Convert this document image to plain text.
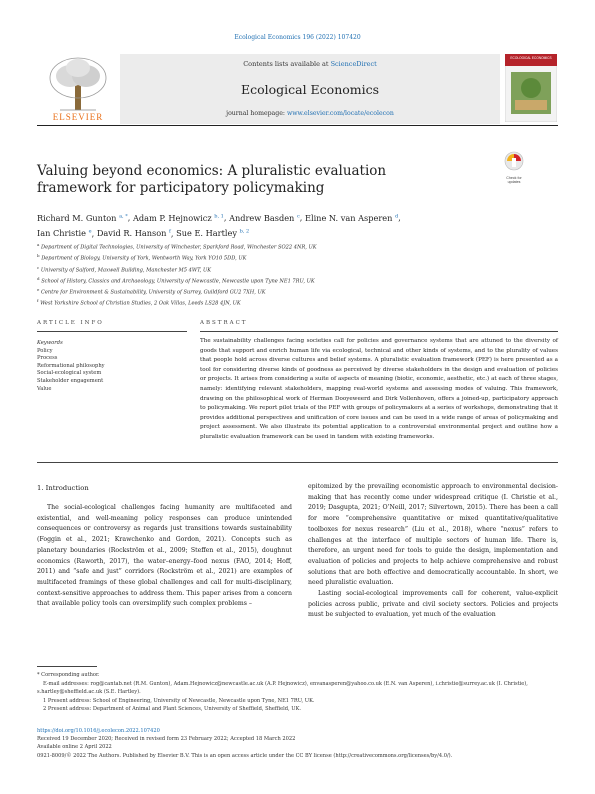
Ecological Economics 196 (2022) 107420
ELSEVIER
Contents lists available at ScienceDirect
Ecological Economics
journal homepage: www.elsevier.com/locate/ecolecon
ECOLOGICAL ECONOMICS
Valuing beyond economics: A pluralistic evaluation framework for participatory policymaking
Check for updates
Richard M. Gunton $^{a, *}$, Adam P. Hejnowicz $^{b, 1}$, Andrew Basden $^c$, Eline N. van Asperen $^d$,
Ian Christie $^e$, David R. Hanson $^f$, Sue E. Hartley $^{b, 2}$
$^a$ Department of Digital Technologies, University of Winchester, Sparkford Road, Winchester SO22 4NR, UK
$^b$ Department of Biology, University of York, Wentworth Way, York YO10 5DD, UK
$^c$ University of Salford, Maxwell Building, Manchester M5 4WT, UK
$^d$ School of History, Classics and Archaeology, University of Newcastle, Newcastle upon Tyne NE1 7RU, UK
$^e$ Centre for Environment & Sustainability, University of Surrey, Guildford GU2 7XH, UK
$^f$ West Yorkshire School of Christian Studies, 2 Oak Villas, Leeds LS28 4JN, UK
ARTICLE INFO	ABSTRACT
Keywords
Policy
Process
Reformational philosophy
Social-ecological system
Stakeholder engagement
Value
The sustainability challenges facing societies call for policies and governance systems that are attuned to the diversity of goods that support and enrich human life via ecological, technical and other kinds of systems, and to the plurality of values that people hold across diverse cultures and belief systems. A pluralistic evaluation framework (PEF) is here presented as a tool for considering diverse kinds of goodness as perceived by diverse stakeholders in the design and evaluation of policies or projects. It arises from considering a suite of aspects of meaning (biotic, economic, aesthetic, etc.) at each of three stages, namely: identifying relevant stakeholders, mapping real-world systems and assessing modes of valuing. This framework, drawing on the philosophical work of Herman Dooyeweerd and Dirk Vollenhoven, offers a joined-up, participatory approach to policymaking. We report pilot trials of the PEF with groups of policymakers at a series of workshops, demonstrating that it provides additional perspectives and unification of core issues and can be used in a wide range of areas of policymaking and project assessment. We also illustrate its potential application to a controversial environmental project and outline how a pluralistic evaluation framework can be used in tandem with existing frameworks.
1. Introduction

The social-ecological challenges facing humanity are multifaceted and existential, and well-meaning policy responses can produce unintended consequences or controversy as regards just transitions towards sustainability (Foggin et al., 2021; Krawchenko and Gordon, 2021). Concepts such as planetary boundaries (Rockström et al., 2009; Steffen et al., 2015), doughnut economics (Raworth, 2017), the water–energy–food nexus (FAO, 2014; Hoff, 2011) and “safe and just” corridors (Rockström et al., 2021) are examples of multifaceted framings of these global challenges and call for multi-disciplinary, context-sensitive approaches to address them. This paper arises from a concern that available policy tools can oversimplify such complex problems –

epitomized by the prevailing economistic approach to environmental decision-making that has recently come under widespread critique (I. Christie et al., 2019; Dasgupta, 2021; O’Neill, 2017; Silvertown, 2015). There has been a call for more “comprehensive quantitative or mixed quantitative/qualitative toolboxes for nexus research” (Liu et al., 2018), where “nexus” refers to challenges at the interface of multiple sectors of human life. There is, therefore, an urgent need for tools to guide the design, implementation and evaluation of policies and projects to help achieve comprehensive and robust solutions that are both effective and democratically accountable. In short, we need pluralistic evaluation.

Lasting social-ecological improvements call for coherent, value-explicit policies across public, private and civil society sectors. Policies and projects must be subjected to evaluation, yet much of the evaluation

* Corresponding author.
E-mail addresses: rog@cantab.net (R.M. Gunton), Adam.Hejnowicz@newcastle.ac.uk (A.P. Hejnowicz), envanasperen@yahoo.co.uk (E.N. van Asperen), i.christie@surrey.ac.uk (I. Christie), s.hartley@sheffield.ac.uk (S.E. Hartley).
1 Present address: School of Engineering, University of Newcastle, Newcastle upon Tyne, NE1 7RU, UK.
2 Present address: Department of Animal and Plant Sciences, University of Sheffield, Sheffield, UK.
https://doi.org/10.1016/j.ecolecon.2022.107420
Received 19 December 2020; Received in revised form 23 February 2022; Accepted 18 March 2022
Available online 2 April 2022
0921-8009/© 2022 The Authors. Published by Elsevier B.V. This is an open access article under the CC BY license (http://creativecommons.org/licenses/by/4.0/).
